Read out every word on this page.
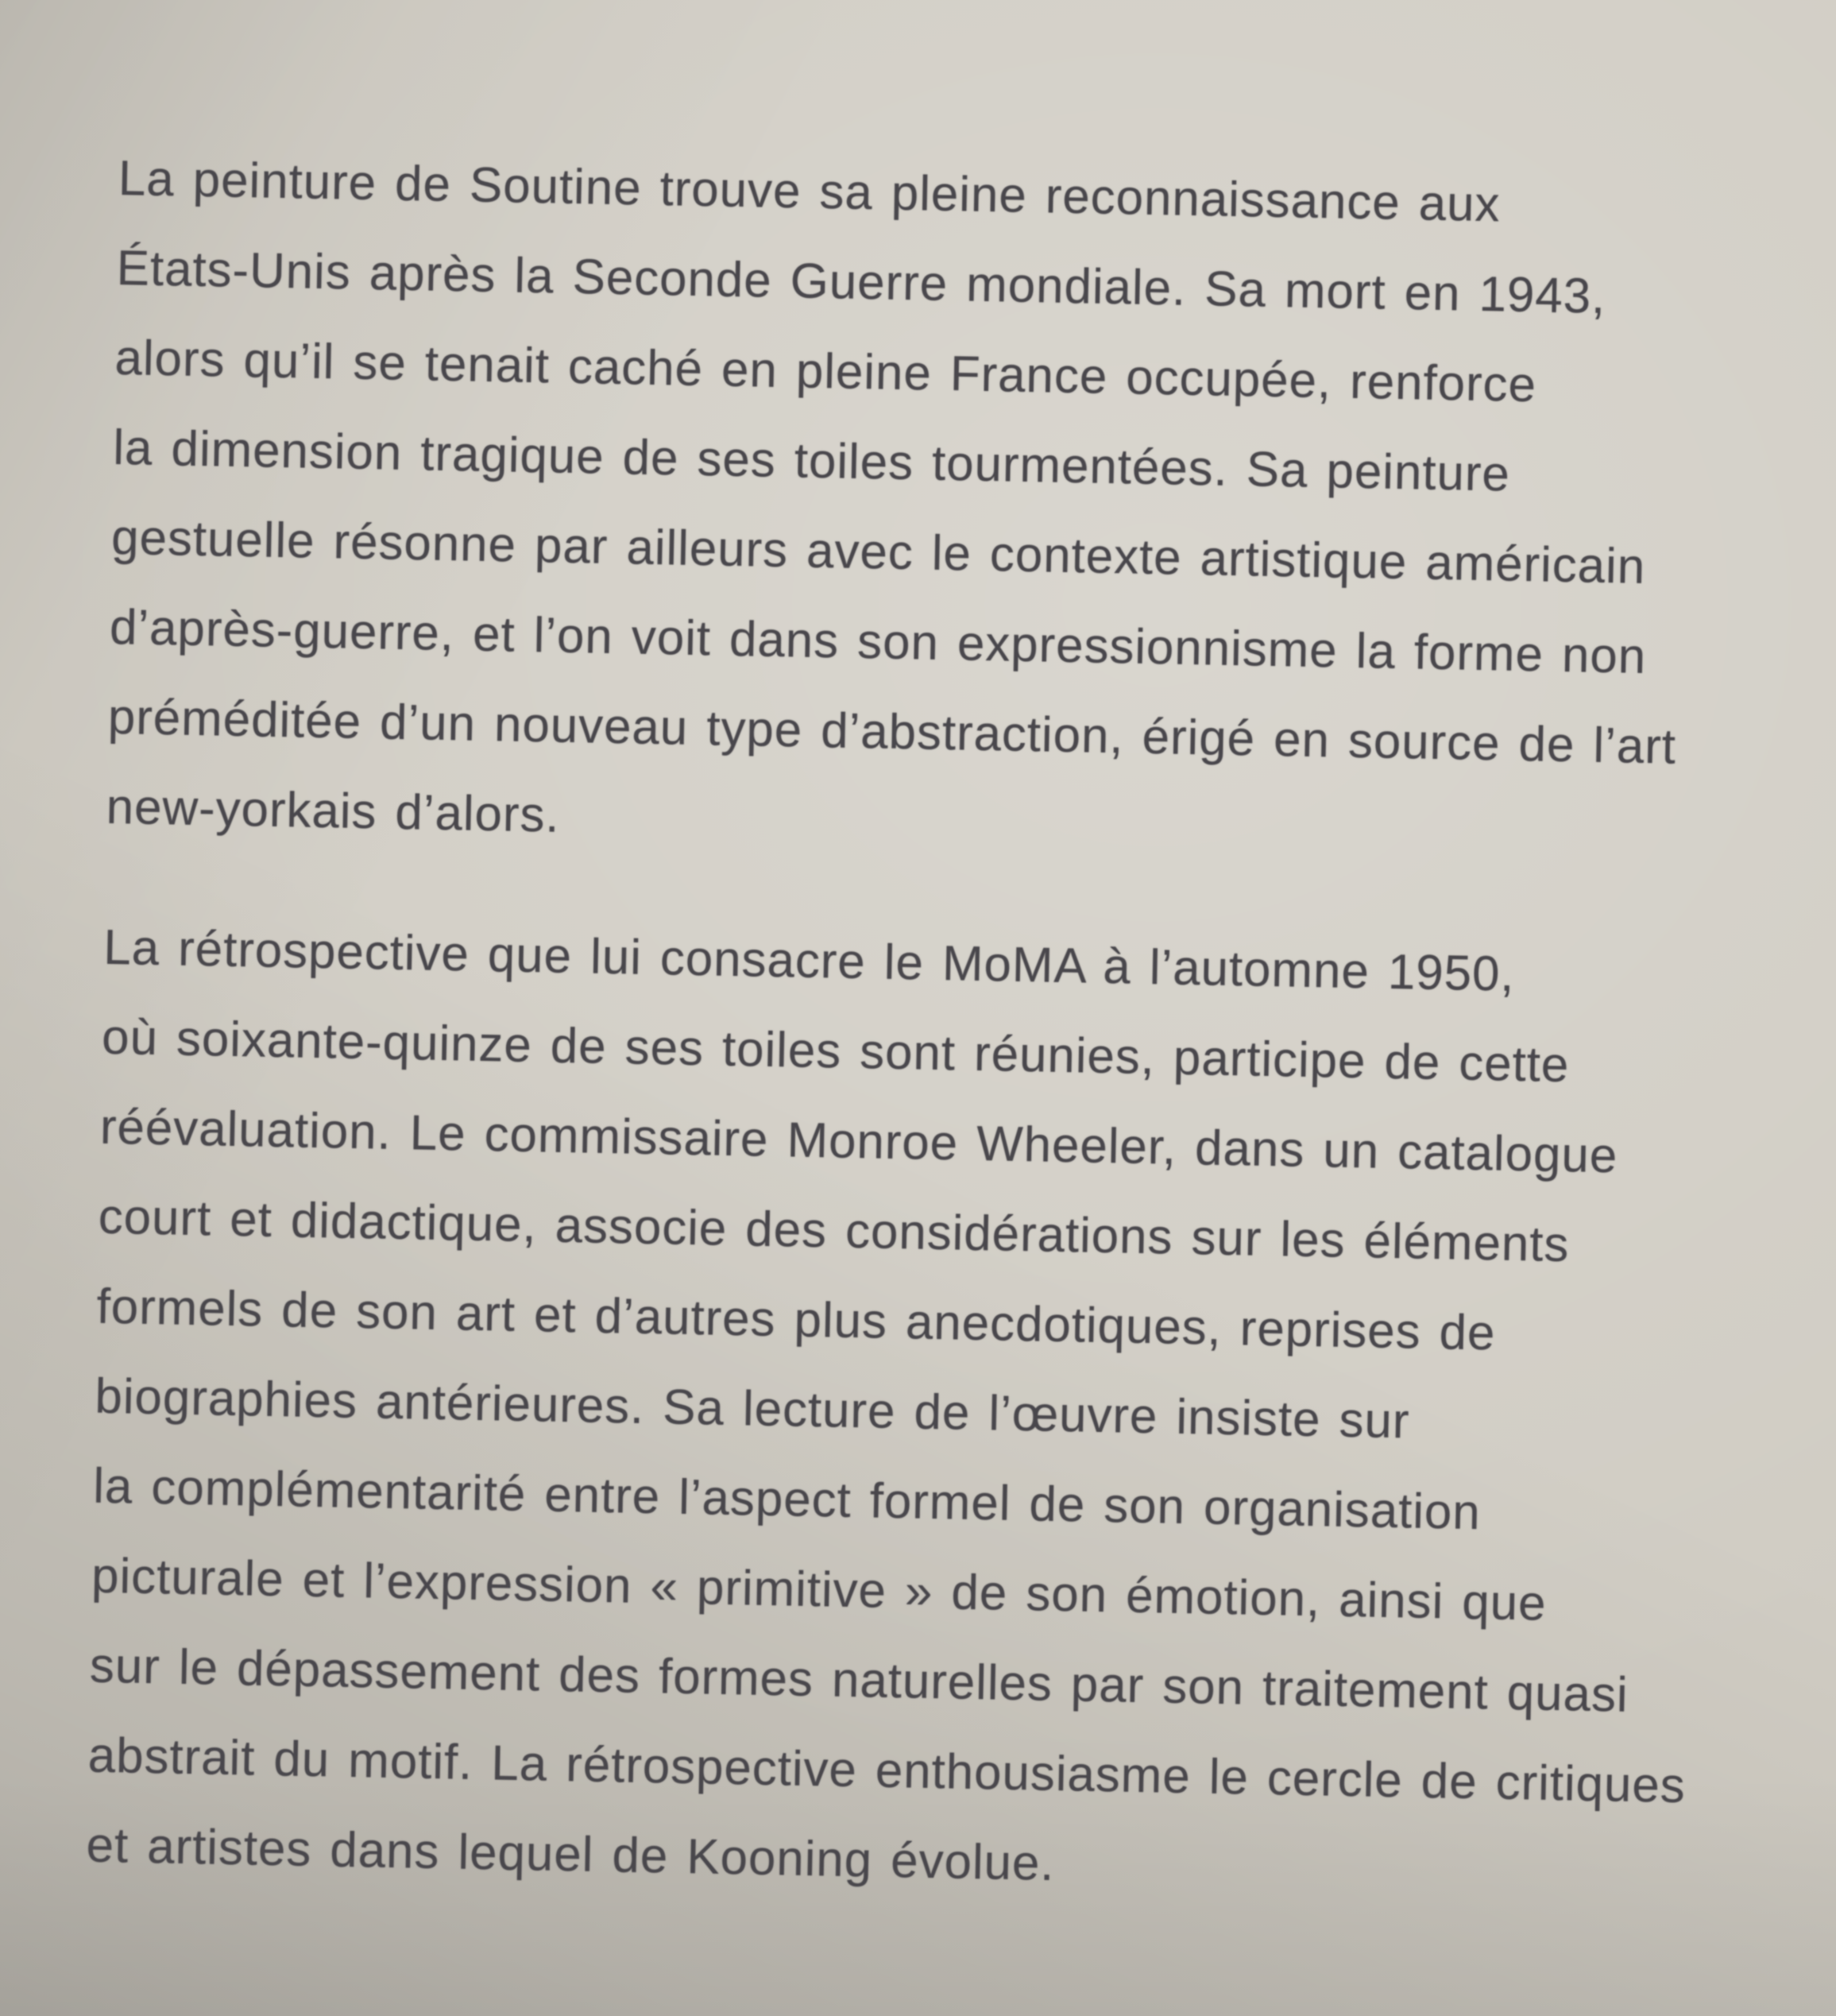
La peinture de Soutine trouve sa pleine reconnaissance aux
États-Unis après la Seconde Guerre mondiale. Sa mort en 1943,
alors qu’il se tenait caché en pleine France occupée, renforce
la dimension tragique de ses toiles tourmentées. Sa peinture
gestuelle résonne par ailleurs avec le contexte artistique américain
d’après-guerre, et l’on voit dans son expressionnisme la forme non
préméditée d’un nouveau type d’abstraction, érigé en source de l’art
new-yorkais d’alors.
La rétrospective que lui consacre le MoMA à l’automne 1950,
où soixante-quinze de ses toiles sont réunies, participe de cette
réévaluation. Le commissaire Monroe Wheeler, dans un catalogue
court et didactique, associe des considérations sur les éléments
formels de son art et d’autres plus anecdotiques, reprises de
biographies antérieures. Sa lecture de l’œuvre insiste sur
la complémentarité entre l’aspect formel de son organisation
picturale et l’expression « primitive » de son émotion, ainsi que
sur le dépassement des formes naturelles par son traitement quasi
abstrait du motif. La rétrospective enthousiasme le cercle de critiques
et artistes dans lequel de Kooning évolue.
